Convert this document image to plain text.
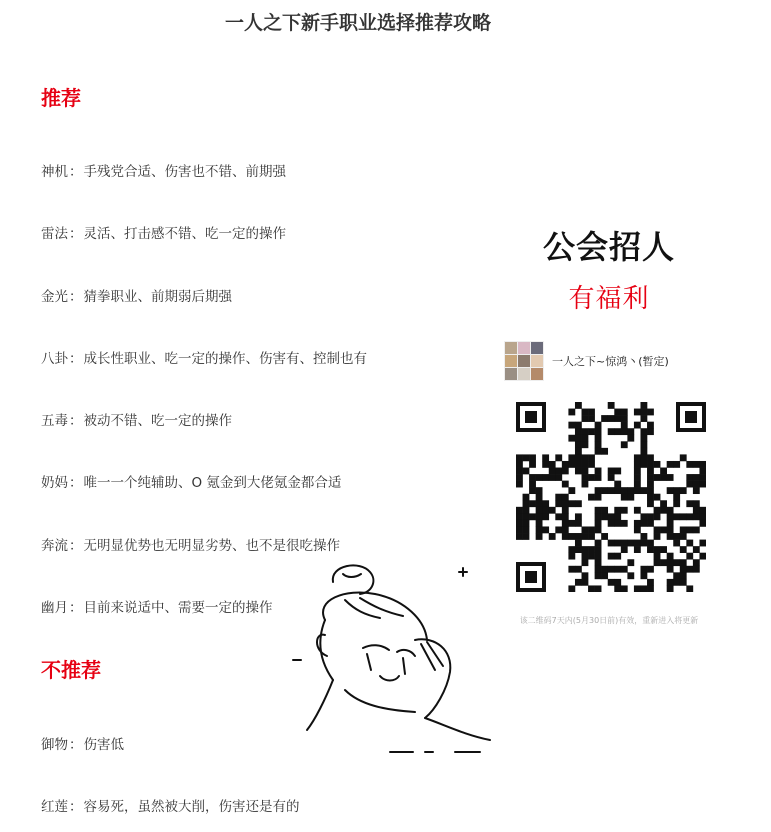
一人之下新手职业选择推荐攻略
推荐
神机：手残党合适、伤害也不错、前期强
雷法：灵活、打击感不错、吃一定的操作
金光：猜拳职业、前期弱后期强
八卦：成长性职业、吃一定的操作、伤害有、控制也有
五毒：被动不错、吃一定的操作
奶妈：唯一一个纯辅助、O 氪金到大佬氪金都合适
奔流：无明显优势也无明显劣势、也不是很吃操作
幽月：目前来说适中、需要一定的操作
不推荐
御物：伤害低
红莲：容易死，虽然被大削，伤害还是有的
公会招人
有福利
一人之下~惊鸿丶(暂定)
该二维码7天内(5月30日前)有效，重新进入将更新
